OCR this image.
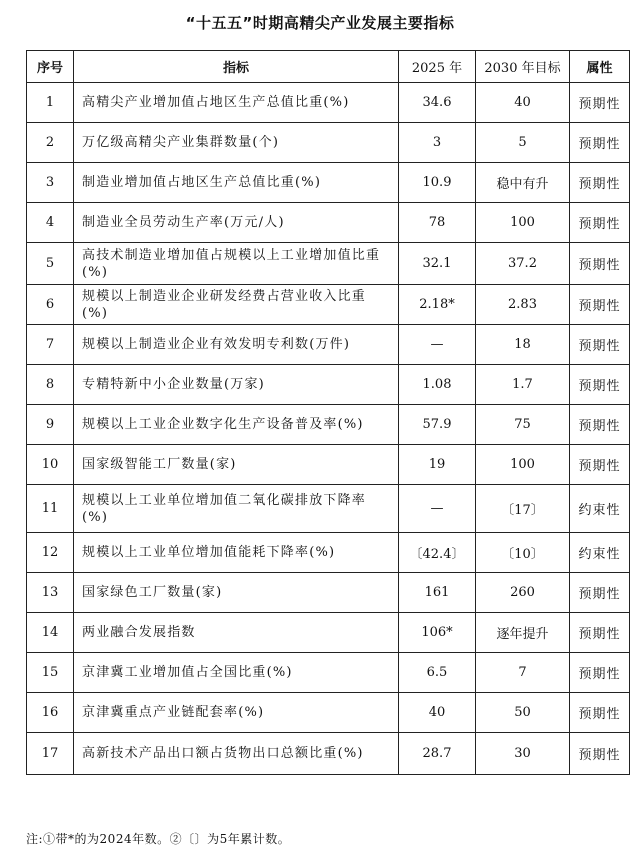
“十五五”时期高精尖产业发展主要指标
序号	指标	2025 年	2030 年目标	属性
1	高精尖产业增加值占地区生产总值比重(%)	34.6	40	预期性
2	万亿级高精尖产业集群数量(个)	3	5	预期性
3	制造业增加值占地区生产总值比重(%)	10.9	稳中有升	预期性
4	制造业全员劳动生产率(万元/人)	78	100	预期性
5	高技术制造业增加值占规模以上工业增加值比重(%)	32.1	37.2	预期性
6	规模以上制造业企业研发经费占营业收入比重(%)	2.18*	2.83	预期性
7	规模以上制造业企业有效发明专利数(万件)	—	18	预期性
8	专精特新中小企业数量(万家)	1.08	1.7	预期性
9	规模以上工业企业数字化生产设备普及率(%)	57.9	75	预期性
10	国家级智能工厂数量(家)	19	100	预期性
11	规模以上工业单位增加值二氧化碳排放下降率(%)	—	〔17〕	约束性
12	规模以上工业单位增加值能耗下降率(%)	〔42.4〕	〔10〕	约束性
13	国家绿色工厂数量(家)	161	260	预期性
14	两业融合发展指数	106*	逐年提升	预期性
15	京津冀工业增加值占全国比重(%)	6.5	7	预期性
16	京津冀重点产业链配套率(%)	40	50	预期性
17	高新技术产品出口额占货物出口总额比重(%)	28.7	30	预期性
注:①带*的为2024年数。②〔〕为5年累计数。
